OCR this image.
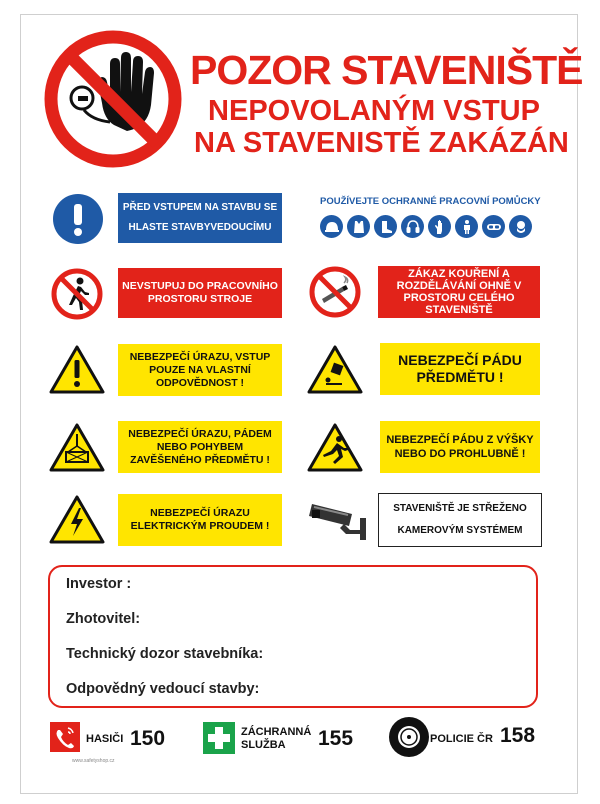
POZOR STAVENIŠTĚ
NEPOVOLANÝM VSTUP
NA STAVENISTĚ ZAKÁZÁN
PŘED VSTUPEM NA STAVBU SE HLASTE STAVBYVEDOUCÍMU
POUŽÍVEJTE OCHRANNÉ PRACOVNÍ POMŮCKY
NEVSTUPUJ DO PRACOVNÍHO PROSTORU STROJE
ZÁKAZ KOUŘENÍ A ROZDĚLÁVÁNÍ OHNĚ V PROSTORU CELÉHO STAVENIŠTĚ
NEBEZPEČÍ ÚRAZU, VSTUP POUZE NA VLASTNÍ ODPOVĚDNOST !
NEBEZPEČÍ PÁDU PŘEDMĚTU !
NEBEZPEČÍ ÚRAZU, PÁDEM NEBO POHYBEM ZAVĚŠENÉHO PŘEDMĚTU !
NEBEZPEČÍ PÁDU Z VÝŠKY NEBO DO PROHLUBNĚ !
NEBEZPEČÍ ÚRAZU ELEKTRICKÝM PROUDEM !
STAVENIŠTĚ JE STŘEŽENO
KAMEROVÝM SYSTÉMEM
Investor :
Zhotovitel:
Technický dozor stavebníka:
Odpovědný vedoucí stavby:
HASIČI 150	ZÁCHRANNÁ
SLUŽBA 155	POLICIE ČR 158
www.safetyshop.cz
